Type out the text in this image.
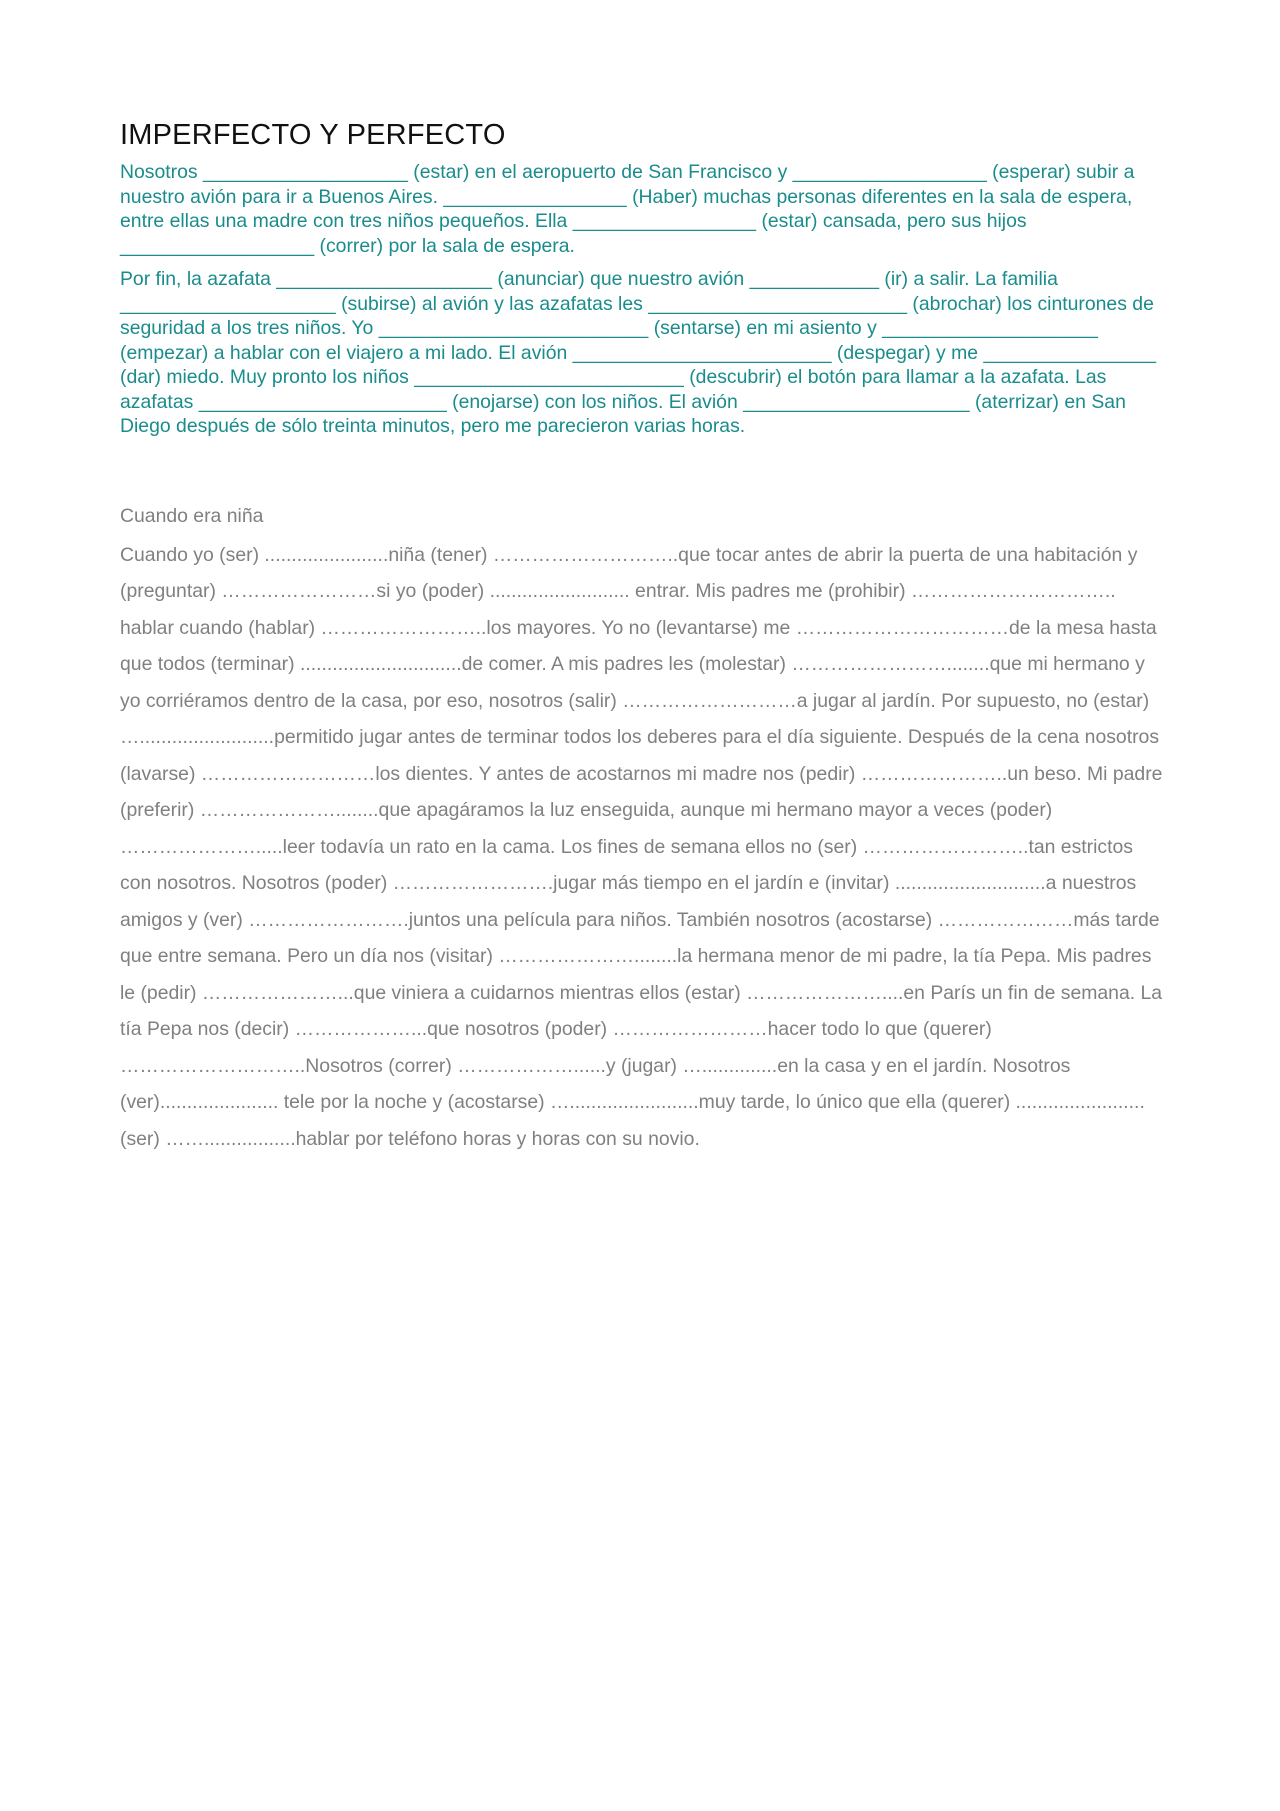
IMPERFECTO Y PERFECTO

Nosotros ___________________ (estar) en el aeropuerto de San Francisco y __________________ (esperar) subir a nuestro avión para ir a Buenos Aires. _________________ (Haber) muchas personas diferentes en la sala de espera, entre ellas una madre con tres niños pequeños. Ella _________________ (estar) cansada, pero sus hijos __________________ (correr) por la sala de espera.

Por fin, la azafata ____________________ (anunciar) que nuestro avión ____________ (ir) a salir. La familia ____________________ (subirse) al avión y las azafatas les ________________________ (abrochar) los cinturones de seguridad a los tres niños. Yo _________________________ (sentarse) en mi asiento y ____________________ (empezar) a hablar con el viajero a mi lado. El avión ________________________ (despegar) y me ________________ (dar) miedo. Muy pronto los niños _________________________ (descubrir) el botón para llamar a la azafata. Las azafatas _______________________ (enojarse) con los niños. El avión _____________________ (aterrizar) en San Diego después de sólo treinta minutos, pero me parecieron varias horas.

Cuando era niña

Cuando yo (ser) .......................niña (tener) ………………………..que tocar antes de abrir la puerta de una habitación y (preguntar) ……………………si yo (poder) .......................... entrar. Mis padres me (prohibir) ………………………….. hablar cuando (hablar) ……………………..los mayores. Yo no (levantarse) me ……………………………de la mesa hasta que todos (terminar) ..............................de comer. A mis padres les (molestar) ……………………........que mi hermano y yo corriéramos dentro de la casa, por eso, nosotros (salir) ………………………a jugar al jardín. Por supuesto, no (estar) ….........................permitido jugar antes de terminar todos los deberes para el día siguiente. Después de la cena nosotros (lavarse) ………………………los dientes. Y antes de acostarnos mi madre nos (pedir) …………………..un beso. Mi padre (preferir) …………………........que apagáramos la luz enseguida, aunque mi hermano mayor a veces (poder) ………………….....leer todavía un rato en la cama. Los fines de semana ellos no (ser) ……………………..tan estrictos con nosotros. Nosotros (poder) …………………….jugar más tiempo en el jardín e (invitar) ............................a nuestros amigos y (ver) …………………….juntos una película para niños. También nosotros (acostarse) …………………más tarde que entre semana. Pero un día nos (visitar) …………………........la hermana menor de mi padre, la tía Pepa. Mis padres le (pedir) …………………...que viniera a cuidarnos mientras ellos (estar) …………………....en París un fin de semana. La tía Pepa nos (decir) ………………...que nosotros (poder) ……………………hacer todo lo que (querer) ………………………..Nosotros (correr) ………………......y (jugar) …..............en la casa y en el jardín. Nosotros (ver)...................... tele por la noche y (acostarse) …........................muy tarde, lo único que ella (querer) ........................ (ser) …….................hablar por teléfono horas y horas con su novio.
